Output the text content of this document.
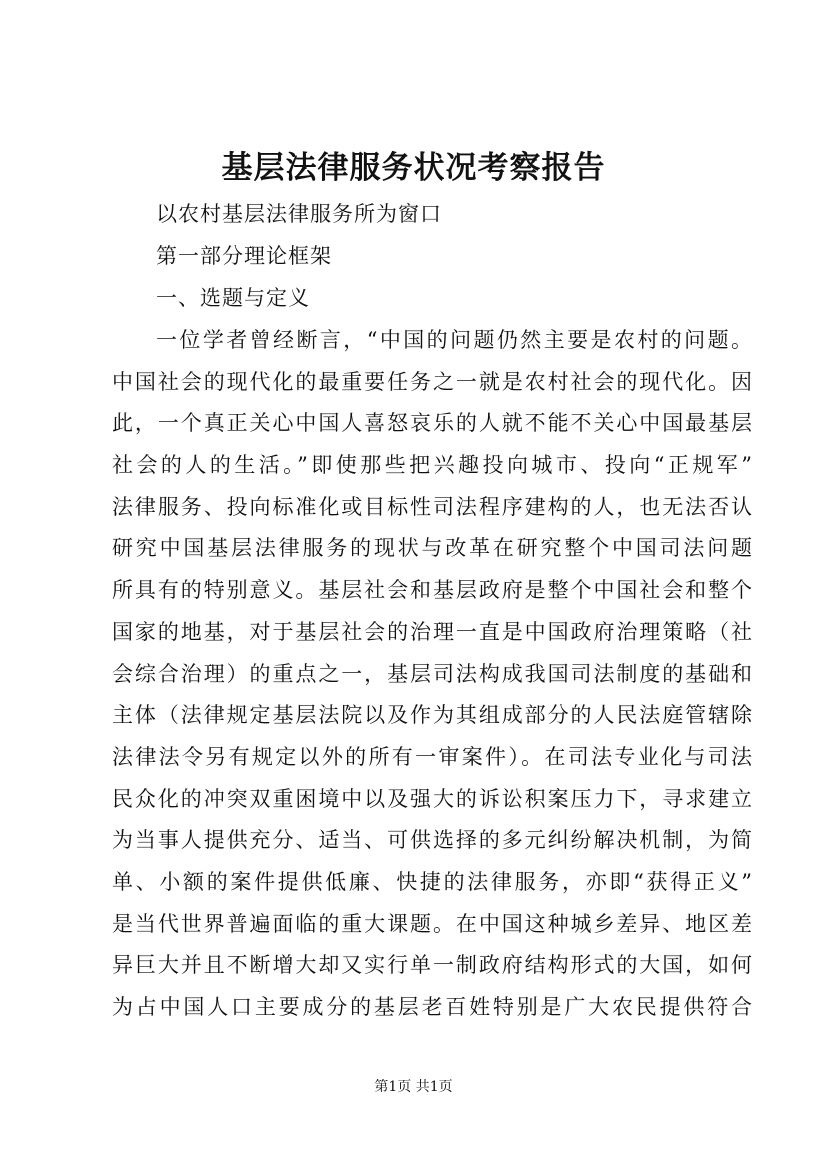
基层法律服务状况考察报告
以农村基层法律服务所为窗口
第一部分理论框架
一、选题与定义
一位学者曾经断言，“中国的问题仍然主要是农村的问题。
中国社会的现代化的最重要任务之一就是农村社会的现代化。因
此，一个真正关心中国人喜怒哀乐的人就不能不关心中国最基层
社会的人的生活。”即使那些把兴趣投向城市、投向“正规军”
法律服务、投向标准化或目标性司法程序建构的人，也无法否认
研究中国基层法律服务的现状与改革在研究整个中国司法问题
所具有的特别意义。基层社会和基层政府是整个中国社会和整个
国家的地基，对于基层社会的治理一直是中国政府治理策略（社
会综合治理）的重点之一，基层司法构成我国司法制度的基础和
主体（法律规定基层法院以及作为其组成部分的人民法庭管辖除
法律法令另有规定以外的所有一审案件）。在司法专业化与司法
民众化的冲突双重困境中以及强大的诉讼积案压力下，寻求建立
为当事人提供充分、适当、可供选择的多元纠纷解决机制，为简
单、小额的案件提供低廉、快捷的法律服务，亦即“获得正义”
是当代世界普遍面临的重大课题。在中国这种城乡差异、地区差
异巨大并且不断增大却又实行单一制政府结构形式的大国，如何
为占中国人口主要成分的基层老百姓特别是广大农民提供符合
第1页 共1页
